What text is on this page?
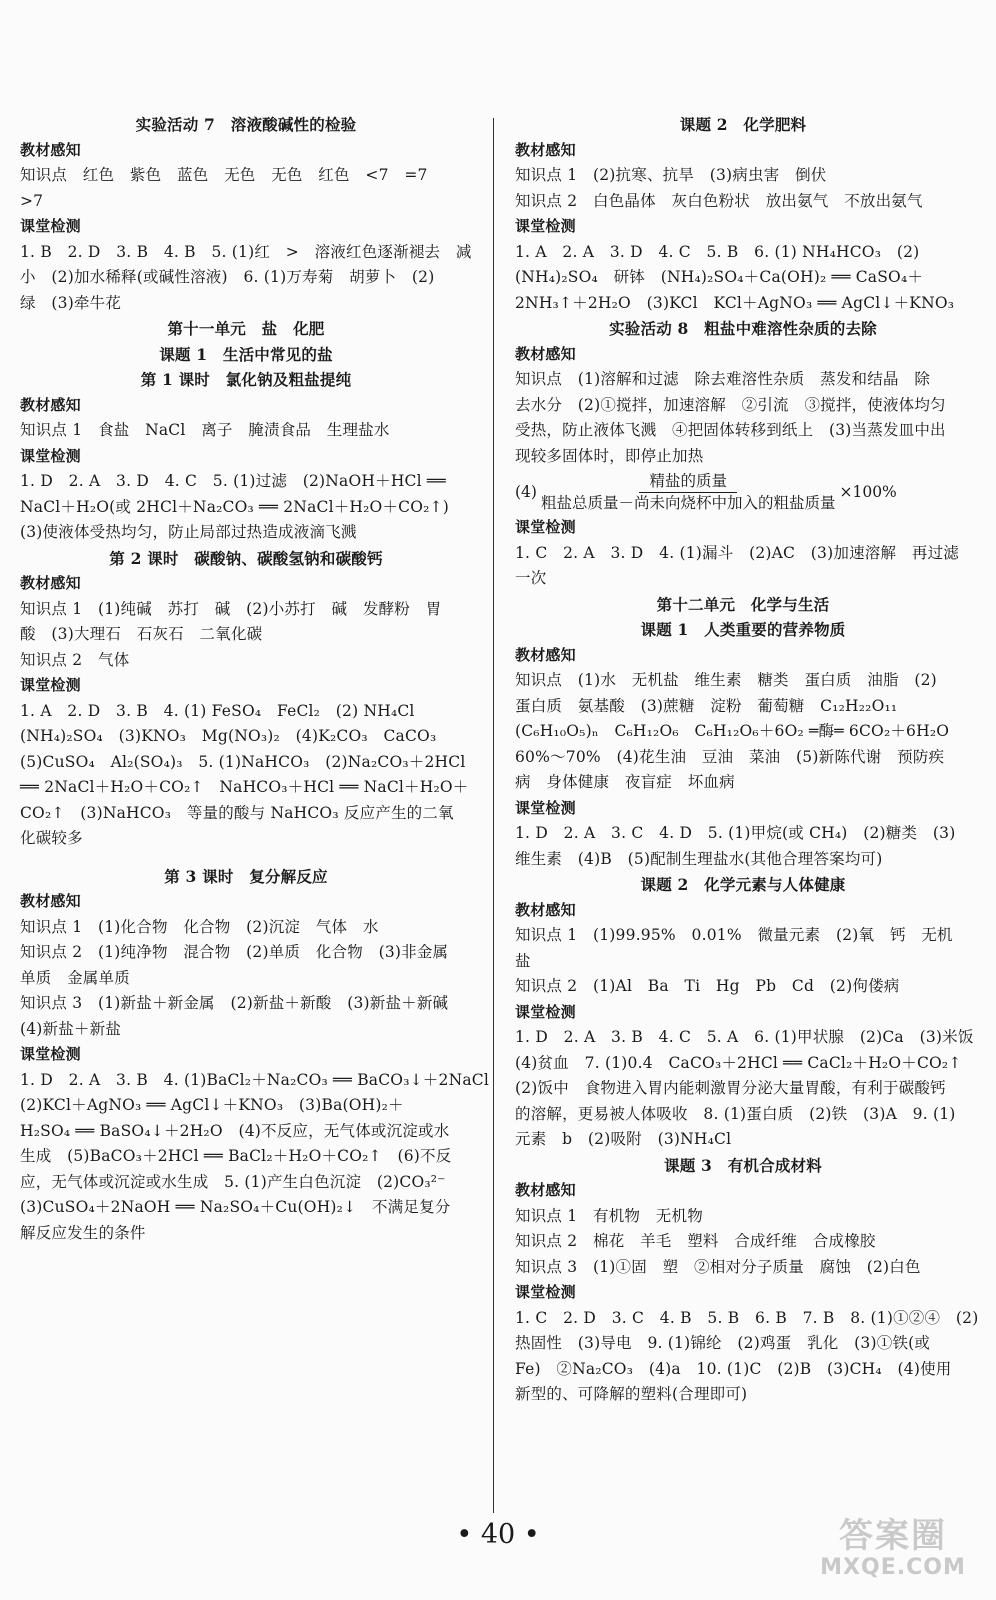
实验活动 7　溶液酸碱性的检验
教材感知
知识点　红色　紫色　蓝色　无色　无色　红色　<7　=7
>7
课堂检测
1. B　2. D　3. B　4. B　5. (1)红　>　溶液红色逐渐褪去　减
小　(2)加水稀释(或碱性溶液)　6. (1)万寿菊　胡萝卜　(2)
绿　(3)牵牛花
第十一单元　盐　化肥
课题 1　生活中常见的盐
第 1 课时　氯化钠及粗盐提纯
教材感知
知识点 1　食盐　NaCl　离子　腌渍食品　生理盐水
课堂检测
1. D　2. A　3. D　4. C　5. (1)过滤　(2)NaOH＋HCl ══
NaCl＋H₂O(或 2HCl＋Na₂CO₃ ══ 2NaCl＋H₂O＋CO₂↑)
(3)使液体受热均匀，防止局部过热造成液滴飞溅
第 2 课时　碳酸钠、碳酸氢钠和碳酸钙
教材感知
知识点 1　(1)纯碱　苏打　碱　(2)小苏打　碱　发酵粉　胃
酸　(3)大理石　石灰石　二氧化碳
知识点 2　气体
课堂检测
1. A　2. D　3. B　4. (1) FeSO₄　FeCl₂　(2) NH₄Cl
(NH₄)₂SO₄　(3)KNO₃　Mg(NO₃)₂　(4)K₂CO₃　CaCO₃
(5)CuSO₄　Al₂(SO₄)₃　5. (1)NaHCO₃　(2)Na₂CO₃＋2HCl
══ 2NaCl＋H₂O＋CO₂↑　NaHCO₃＋HCl ══ NaCl＋H₂O＋
CO₂↑　(3)NaHCO₃　等量的酸与 NaHCO₃ 反应产生的二氧
化碳较多
第 3 课时　复分解反应
教材感知
知识点 1　(1)化合物　化合物　(2)沉淀　气体　水
知识点 2　(1)纯净物　混合物　(2)单质　化合物　(3)非金属
单质　金属单质
知识点 3　(1)新盐＋新金属　(2)新盐＋新酸　(3)新盐＋新碱
(4)新盐＋新盐
课堂检测
1. D　2. A　3. B　4. (1)BaCl₂＋Na₂CO₃ ══ BaCO₃↓＋2NaCl
(2)KCl＋AgNO₃ ══ AgCl↓＋KNO₃　(3)Ba(OH)₂＋
H₂SO₄ ══ BaSO₄↓＋2H₂O　(4)不反应，无气体或沉淀或水
生成　(5)BaCO₃＋2HCl ══ BaCl₂＋H₂O＋CO₂↑　(6)不反
应，无气体或沉淀或水生成　5. (1)产生白色沉淀　(2)CO₃²⁻
(3)CuSO₄＋2NaOH ══ Na₂SO₄＋Cu(OH)₂↓　不满足复分
解反应发生的条件
课题 2　化学肥料
教材感知
知识点 1　(2)抗寒、抗旱　(3)病虫害　倒伏
知识点 2　白色晶体　灰白色粉状　放出氨气　不放出氨气
课堂检测
1. A　2. A　3. D　4. C　5. B　6. (1) NH₄HCO₃　(2)
(NH₄)₂SO₄　研钵　(NH₄)₂SO₄＋Ca(OH)₂ ══ CaSO₄＋
2NH₃↑＋2H₂O　(3)KCl　KCl＋AgNO₃ ══ AgCl↓＋KNO₃
实验活动 8　粗盐中难溶性杂质的去除
教材感知
知识点　(1)溶解和过滤　除去难溶性杂质　蒸发和结晶　除
去水分　(2)①搅拌，加速溶解　②引流　③搅拌，使液体均匀
受热，防止液体飞溅　④把固体转移到纸上　(3)当蒸发皿中出
现较多固体时，即停止加热
$(4) \frac{\text{精盐的质量}}{\text{粗盐总质量－尚未向烧杯中加入的粗盐质量}} \times 100\%$
课堂检测
1. C　2. A　3. D　4. (1)漏斗　(2)AC　(3)加速溶解　再过滤
一次
第十二单元　化学与生活
课题 1　人类重要的营养物质
教材感知
知识点　(1)水　无机盐　维生素　糖类　蛋白质　油脂　(2)
蛋白质　氨基酸　(3)蔗糖　淀粉　葡萄糖　C₁₂H₂₂O₁₁
(C₆H₁₀O₅)ₙ　C₆H₁₂O₆　C₆H₁₂O₆＋6O₂ ═酶═ 6CO₂＋6H₂O
60%～70%　(4)花生油　豆油　菜油　(5)新陈代谢　预防疾
病　身体健康　夜盲症　坏血病
课堂检测
1. D　2. A　3. C　4. D　5. (1)甲烷(或 CH₄)　(2)糖类　(3)
维生素　(4)B　(5)配制生理盐水(其他合理答案均可)
课题 2　化学元素与人体健康
教材感知
知识点 1　(1)99.95%　0.01%　微量元素　(2)氧　钙　无机
盐
知识点 2　(1)Al　Ba　Ti　Hg　Pb　Cd　(2)佝偻病
课堂检测
1. D　2. A　3. B　4. C　5. A　6. (1)甲状腺　(2)Ca　(3)米饭
(4)贫血　7. (1)0.4　CaCO₃＋2HCl ══ CaCl₂＋H₂O＋CO₂↑
(2)饭中　食物进入胃内能刺激胃分泌大量胃酸，有利于碳酸钙
的溶解，更易被人体吸收　8. (1)蛋白质　(2)铁　(3)A　9. (1)
元素　b　(2)吸附　(3)NH₄Cl
课题 3　有机合成材料
教材感知
知识点 1　有机物　无机物
知识点 2　棉花　羊毛　塑料　合成纤维　合成橡胶
知识点 3　(1)①固　塑　②相对分子质量　腐蚀　(2)白色
课堂检测
1. C　2. D　3. C　4. B　5. B　6. B　7. B　8. (1)①②④　(2)
热固性　(3)导电　9. (1)锦纶　(2)鸡蛋　乳化　(3)①铁(或
Fe)　②Na₂CO₃　(4)a　10. (1)C　(2)B　(3)CH₄　(4)使用
新型的、可降解的塑料(合理即可)
• 40 •	答案圈
MXQE.COM
